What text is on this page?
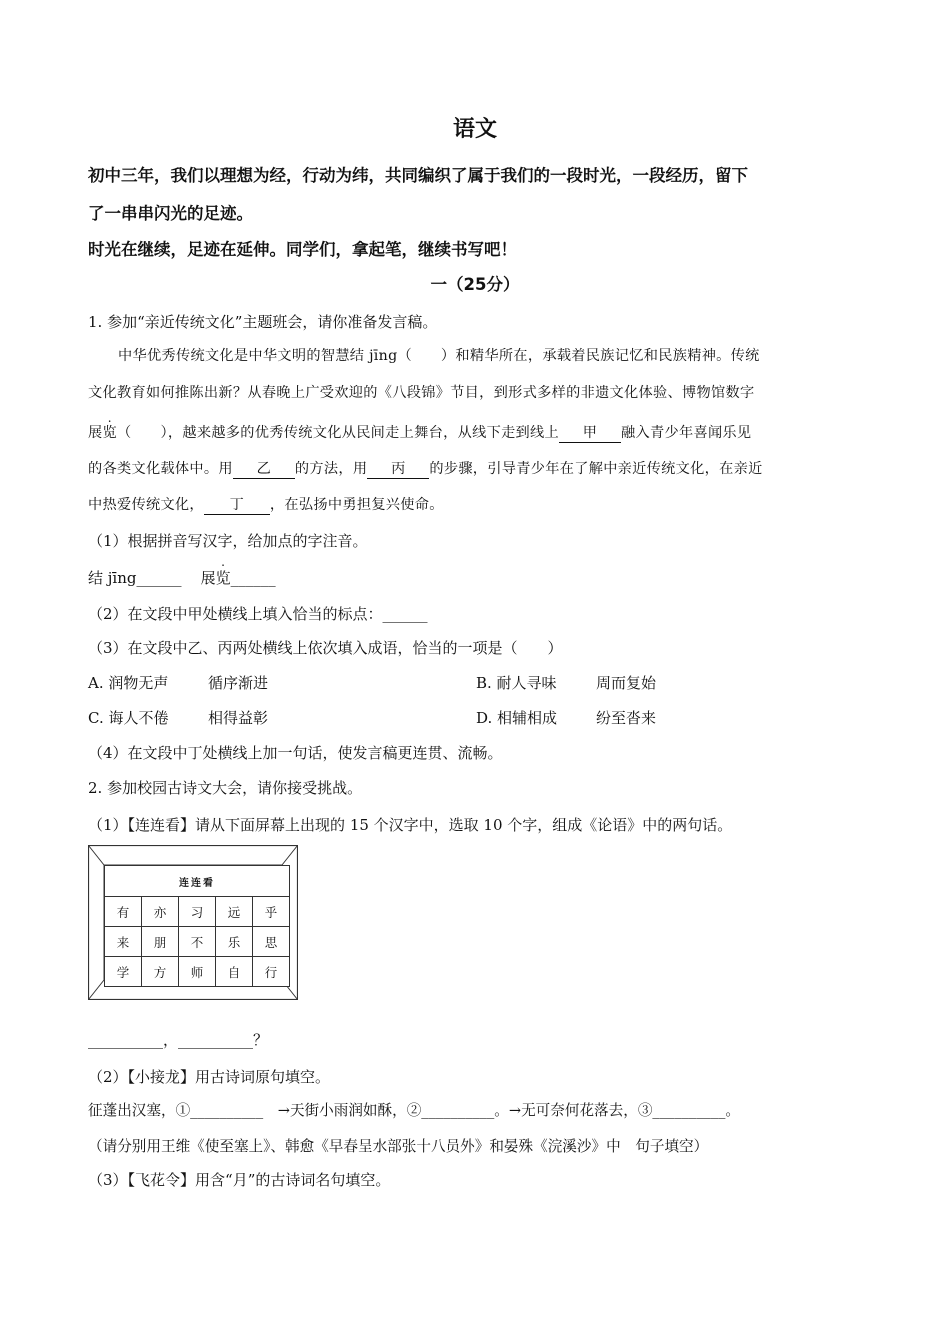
语文
初中三年，我们以理想为经，行动为纬，共同编织了属于我们的一段时光，一段经历，留下
了一串串闪光的足迹。
时光在继续，足迹在延伸。同学们，拿起笔，继续书写吧！
一（25分）
1. 参加“亲近传统文化”主题班会，请你准备发言稿。
中华优秀传统文化是中华文明的智慧结 jīng（　　）和精华所在，承载着民族记忆和民族精神。传统
文化教育如何推陈出新？从春晚上广受欢迎的《八段锦》节目，到形式多样的非遗文化体验、博物馆数字
展览（　　），越来越多的优秀传统文化从民间走上舞台，从线下走到线上 甲 融入青少年喜闻乐见
的各类文化载体中。用 乙 的方法，用 丙 的步骤，引导青少年在了解中亲近传统文化，在亲近
中热爱传统文化， 丁 ，在弘扬中勇担复兴使命。
（1）根据拼音写汉字，给加点的字注音。
结 jīng______ 展览______
（2）在文段中甲处横线上填入恰当的标点：______
（3）在文段中乙、丙两处横线上依次填入成语，恰当的一项是（　　）
A. 润物无声	循序渐进	B. 耐人寻味	周而复始
C. 诲人不倦	相得益彰	D. 相辅相成	纷至沓来
（4）在文段中丁处横线上加一句话，使发言稿更连贯、流畅。
2. 参加校园古诗文大会，请你接受挑战。
（1）【连连看】请从下面屏幕上出现的 15 个汉字中，选取 10 个字，组成《论语》中的两句话。
连连看				
有	亦	习	远	乎
来	朋	不	乐	思
学	方	师	自	行
__________，__________？
（2）【小接龙】用古诗词原句填空。
征蓬出汉塞，①__________　→天街小雨润如酥，②__________。→无可奈何花落去，③__________。
（请分别用王维《使至塞上》、韩愈《早春呈水部张十八员外》和晏殊《浣溪沙》中　句子填空）
（3）【飞花令】用含“月”的古诗词名句填空。
